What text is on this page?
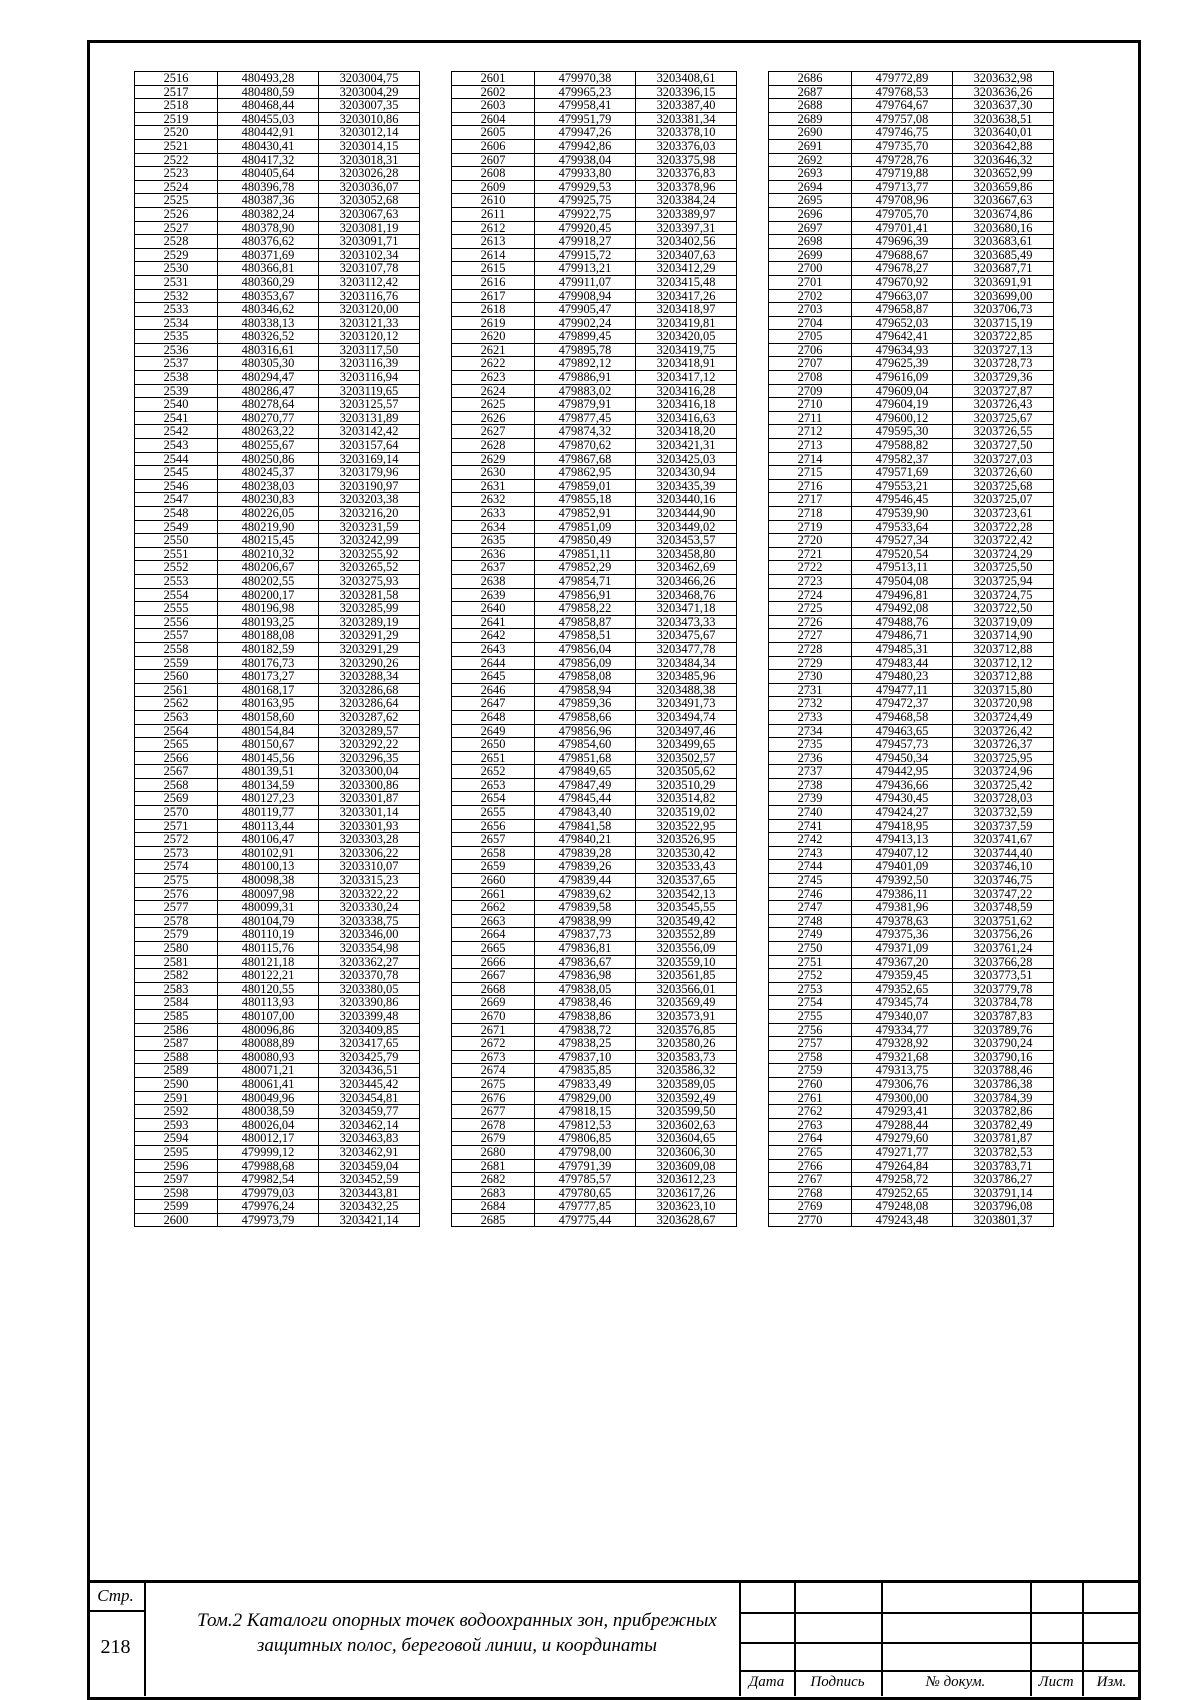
2516	480493,28	3203004,75
2517	480480,59	3203004,29
2518	480468,44	3203007,35
2519	480455,03	3203010,86
2520	480442,91	3203012,14
2521	480430,41	3203014,15
2522	480417,32	3203018,31
2523	480405,64	3203026,28
2524	480396,78	3203036,07
2525	480387,36	3203052,68
2526	480382,24	3203067,63
2527	480378,90	3203081,19
2528	480376,62	3203091,71
2529	480371,69	3203102,34
2530	480366,81	3203107,78
2531	480360,29	3203112,42
2532	480353,67	3203116,76
2533	480346,62	3203120,00
2534	480338,13	3203121,33
2535	480326,52	3203120,12
2536	480316,61	3203117,50
2537	480305,30	3203116,39
2538	480294,47	3203116,94
2539	480286,47	3203119,65
2540	480278,64	3203125,57
2541	480270,77	3203131,89
2542	480263,22	3203142,42
2543	480255,67	3203157,64
2544	480250,86	3203169,14
2545	480245,37	3203179,96
2546	480238,03	3203190,97
2547	480230,83	3203203,38
2548	480226,05	3203216,20
2549	480219,90	3203231,59
2550	480215,45	3203242,99
2551	480210,32	3203255,92
2552	480206,67	3203265,52
2553	480202,55	3203275,93
2554	480200,17	3203281,58
2555	480196,98	3203285,99
2556	480193,25	3203289,19
2557	480188,08	3203291,29
2558	480182,59	3203291,29
2559	480176,73	3203290,26
2560	480173,27	3203288,34
2561	480168,17	3203286,68
2562	480163,95	3203286,64
2563	480158,60	3203287,62
2564	480154,84	3203289,57
2565	480150,67	3203292,22
2566	480145,56	3203296,35
2567	480139,51	3203300,04
2568	480134,59	3203300,86
2569	480127,23	3203301,87
2570	480119,77	3203301,14
2571	480113,44	3203301,93
2572	480106,47	3203303,28
2573	480102,91	3203306,22
2574	480100,13	3203310,07
2575	480098,38	3203315,23
2576	480097,98	3203322,22
2577	480099,31	3203330,24
2578	480104,79	3203338,75
2579	480110,19	3203346,00
2580	480115,76	3203354,98
2581	480121,18	3203362,27
2582	480122,21	3203370,78
2583	480120,55	3203380,05
2584	480113,93	3203390,86
2585	480107,00	3203399,48
2586	480096,86	3203409,85
2587	480088,89	3203417,65
2588	480080,93	3203425,79
2589	480071,21	3203436,51
2590	480061,41	3203445,42
2591	480049,96	3203454,81
2592	480038,59	3203459,77
2593	480026,04	3203462,14
2594	480012,17	3203463,83
2595	479999,12	3203462,91
2596	479988,68	3203459,04
2597	479982,54	3203452,59
2598	479979,03	3203443,81
2599	479976,24	3203432,25
2600	479973,79	3203421,14
2601	479970,38	3203408,61
2602	479965,23	3203396,15
2603	479958,41	3203387,40
2604	479951,79	3203381,34
2605	479947,26	3203378,10
2606	479942,86	3203376,03
2607	479938,04	3203375,98
2608	479933,80	3203376,83
2609	479929,53	3203378,96
2610	479925,75	3203384,24
2611	479922,75	3203389,97
2612	479920,45	3203397,31
2613	479918,27	3203402,56
2614	479915,72	3203407,63
2615	479913,21	3203412,29
2616	479911,07	3203415,48
2617	479908,94	3203417,26
2618	479905,47	3203418,97
2619	479902,24	3203419,81
2620	479899,45	3203420,05
2621	479895,78	3203419,75
2622	479892,12	3203418,91
2623	479886,91	3203417,12
2624	479883,02	3203416,28
2625	479879,91	3203416,18
2626	479877,45	3203416,63
2627	479874,32	3203418,20
2628	479870,62	3203421,31
2629	479867,68	3203425,03
2630	479862,95	3203430,94
2631	479859,01	3203435,39
2632	479855,18	3203440,16
2633	479852,91	3203444,90
2634	479851,09	3203449,02
2635	479850,49	3203453,57
2636	479851,11	3203458,80
2637	479852,29	3203462,69
2638	479854,71	3203466,26
2639	479856,91	3203468,76
2640	479858,22	3203471,18
2641	479858,87	3203473,33
2642	479858,51	3203475,67
2643	479856,04	3203477,78
2644	479856,09	3203484,34
2645	479858,08	3203485,96
2646	479858,94	3203488,38
2647	479859,36	3203491,73
2648	479858,66	3203494,74
2649	479856,96	3203497,46
2650	479854,60	3203499,65
2651	479851,68	3203502,57
2652	479849,65	3203505,62
2653	479847,49	3203510,29
2654	479845,44	3203514,82
2655	479843,40	3203519,02
2656	479841,58	3203522,95
2657	479840,21	3203526,95
2658	479839,28	3203530,42
2659	479839,26	3203533,43
2660	479839,44	3203537,65
2661	479839,62	3203542,13
2662	479839,58	3203545,55
2663	479838,99	3203549,42
2664	479837,73	3203552,89
2665	479836,81	3203556,09
2666	479836,67	3203559,10
2667	479836,98	3203561,85
2668	479838,05	3203566,01
2669	479838,46	3203569,49
2670	479838,86	3203573,91
2671	479838,72	3203576,85
2672	479838,25	3203580,26
2673	479837,10	3203583,73
2674	479835,85	3203586,32
2675	479833,49	3203589,05
2676	479829,00	3203592,49
2677	479818,15	3203599,50
2678	479812,53	3203602,63
2679	479806,85	3203604,65
2680	479798,00	3203606,30
2681	479791,39	3203609,08
2682	479785,57	3203612,23
2683	479780,65	3203617,26
2684	479777,85	3203623,10
2685	479775,44	3203628,67
2686	479772,89	3203632,98
2687	479768,53	3203636,26
2688	479764,67	3203637,30
2689	479757,08	3203638,51
2690	479746,75	3203640,01
2691	479735,70	3203642,88
2692	479728,76	3203646,32
2693	479719,88	3203652,99
2694	479713,77	3203659,86
2695	479708,96	3203667,63
2696	479705,70	3203674,86
2697	479701,41	3203680,16
2698	479696,39	3203683,61
2699	479688,67	3203685,49
2700	479678,27	3203687,71
2701	479670,92	3203691,91
2702	479663,07	3203699,00
2703	479658,87	3203706,73
2704	479652,03	3203715,19
2705	479642,41	3203722,85
2706	479634,93	3203727,13
2707	479625,39	3203728,73
2708	479616,09	3203729,36
2709	479609,04	3203727,87
2710	479604,19	3203726,43
2711	479600,12	3203725,67
2712	479595,30	3203726,55
2713	479588,82	3203727,50
2714	479582,37	3203727,03
2715	479571,69	3203726,60
2716	479553,21	3203725,68
2717	479546,45	3203725,07
2718	479539,90	3203723,61
2719	479533,64	3203722,28
2720	479527,34	3203722,42
2721	479520,54	3203724,29
2722	479513,11	3203725,50
2723	479504,08	3203725,94
2724	479496,81	3203724,75
2725	479492,08	3203722,50
2726	479488,76	3203719,09
2727	479486,71	3203714,90
2728	479485,31	3203712,88
2729	479483,44	3203712,12
2730	479480,23	3203712,88
2731	479477,11	3203715,80
2732	479472,37	3203720,98
2733	479468,58	3203724,49
2734	479463,65	3203726,42
2735	479457,73	3203726,37
2736	479450,34	3203725,95
2737	479442,95	3203724,96
2738	479436,66	3203725,42
2739	479430,45	3203728,03
2740	479424,27	3203732,59
2741	479418,95	3203737,59
2742	479413,13	3203741,67
2743	479407,12	3203744,40
2744	479401,09	3203746,10
2745	479392,50	3203746,75
2746	479386,11	3203747,22
2747	479381,96	3203748,59
2748	479378,63	3203751,62
2749	479375,36	3203756,26
2750	479371,09	3203761,24
2751	479367,20	3203766,28
2752	479359,45	3203773,51
2753	479352,65	3203779,78
2754	479345,74	3203784,78
2755	479340,07	3203787,83
2756	479334,77	3203789,76
2757	479328,92	3203790,24
2758	479321,68	3203790,16
2759	479313,75	3203788,46
2760	479306,76	3203786,38
2761	479300,00	3203784,39
2762	479293,41	3203782,86
2763	479288,44	3203782,49
2764	479279,60	3203781,87
2765	479271,77	3203782,53
2766	479264,84	3203783,71
2767	479258,72	3203786,27
2768	479252,65	3203791,14
2769	479248,08	3203796,08
2770	479243,48	3203801,37
Стр.
218
Том.2 Каталоги опорных точек водоохранных зон, прибрежных
защитных полос, береговой линии, и координаты
Дата	Подпись	№ докум.	Лист	Изм.
